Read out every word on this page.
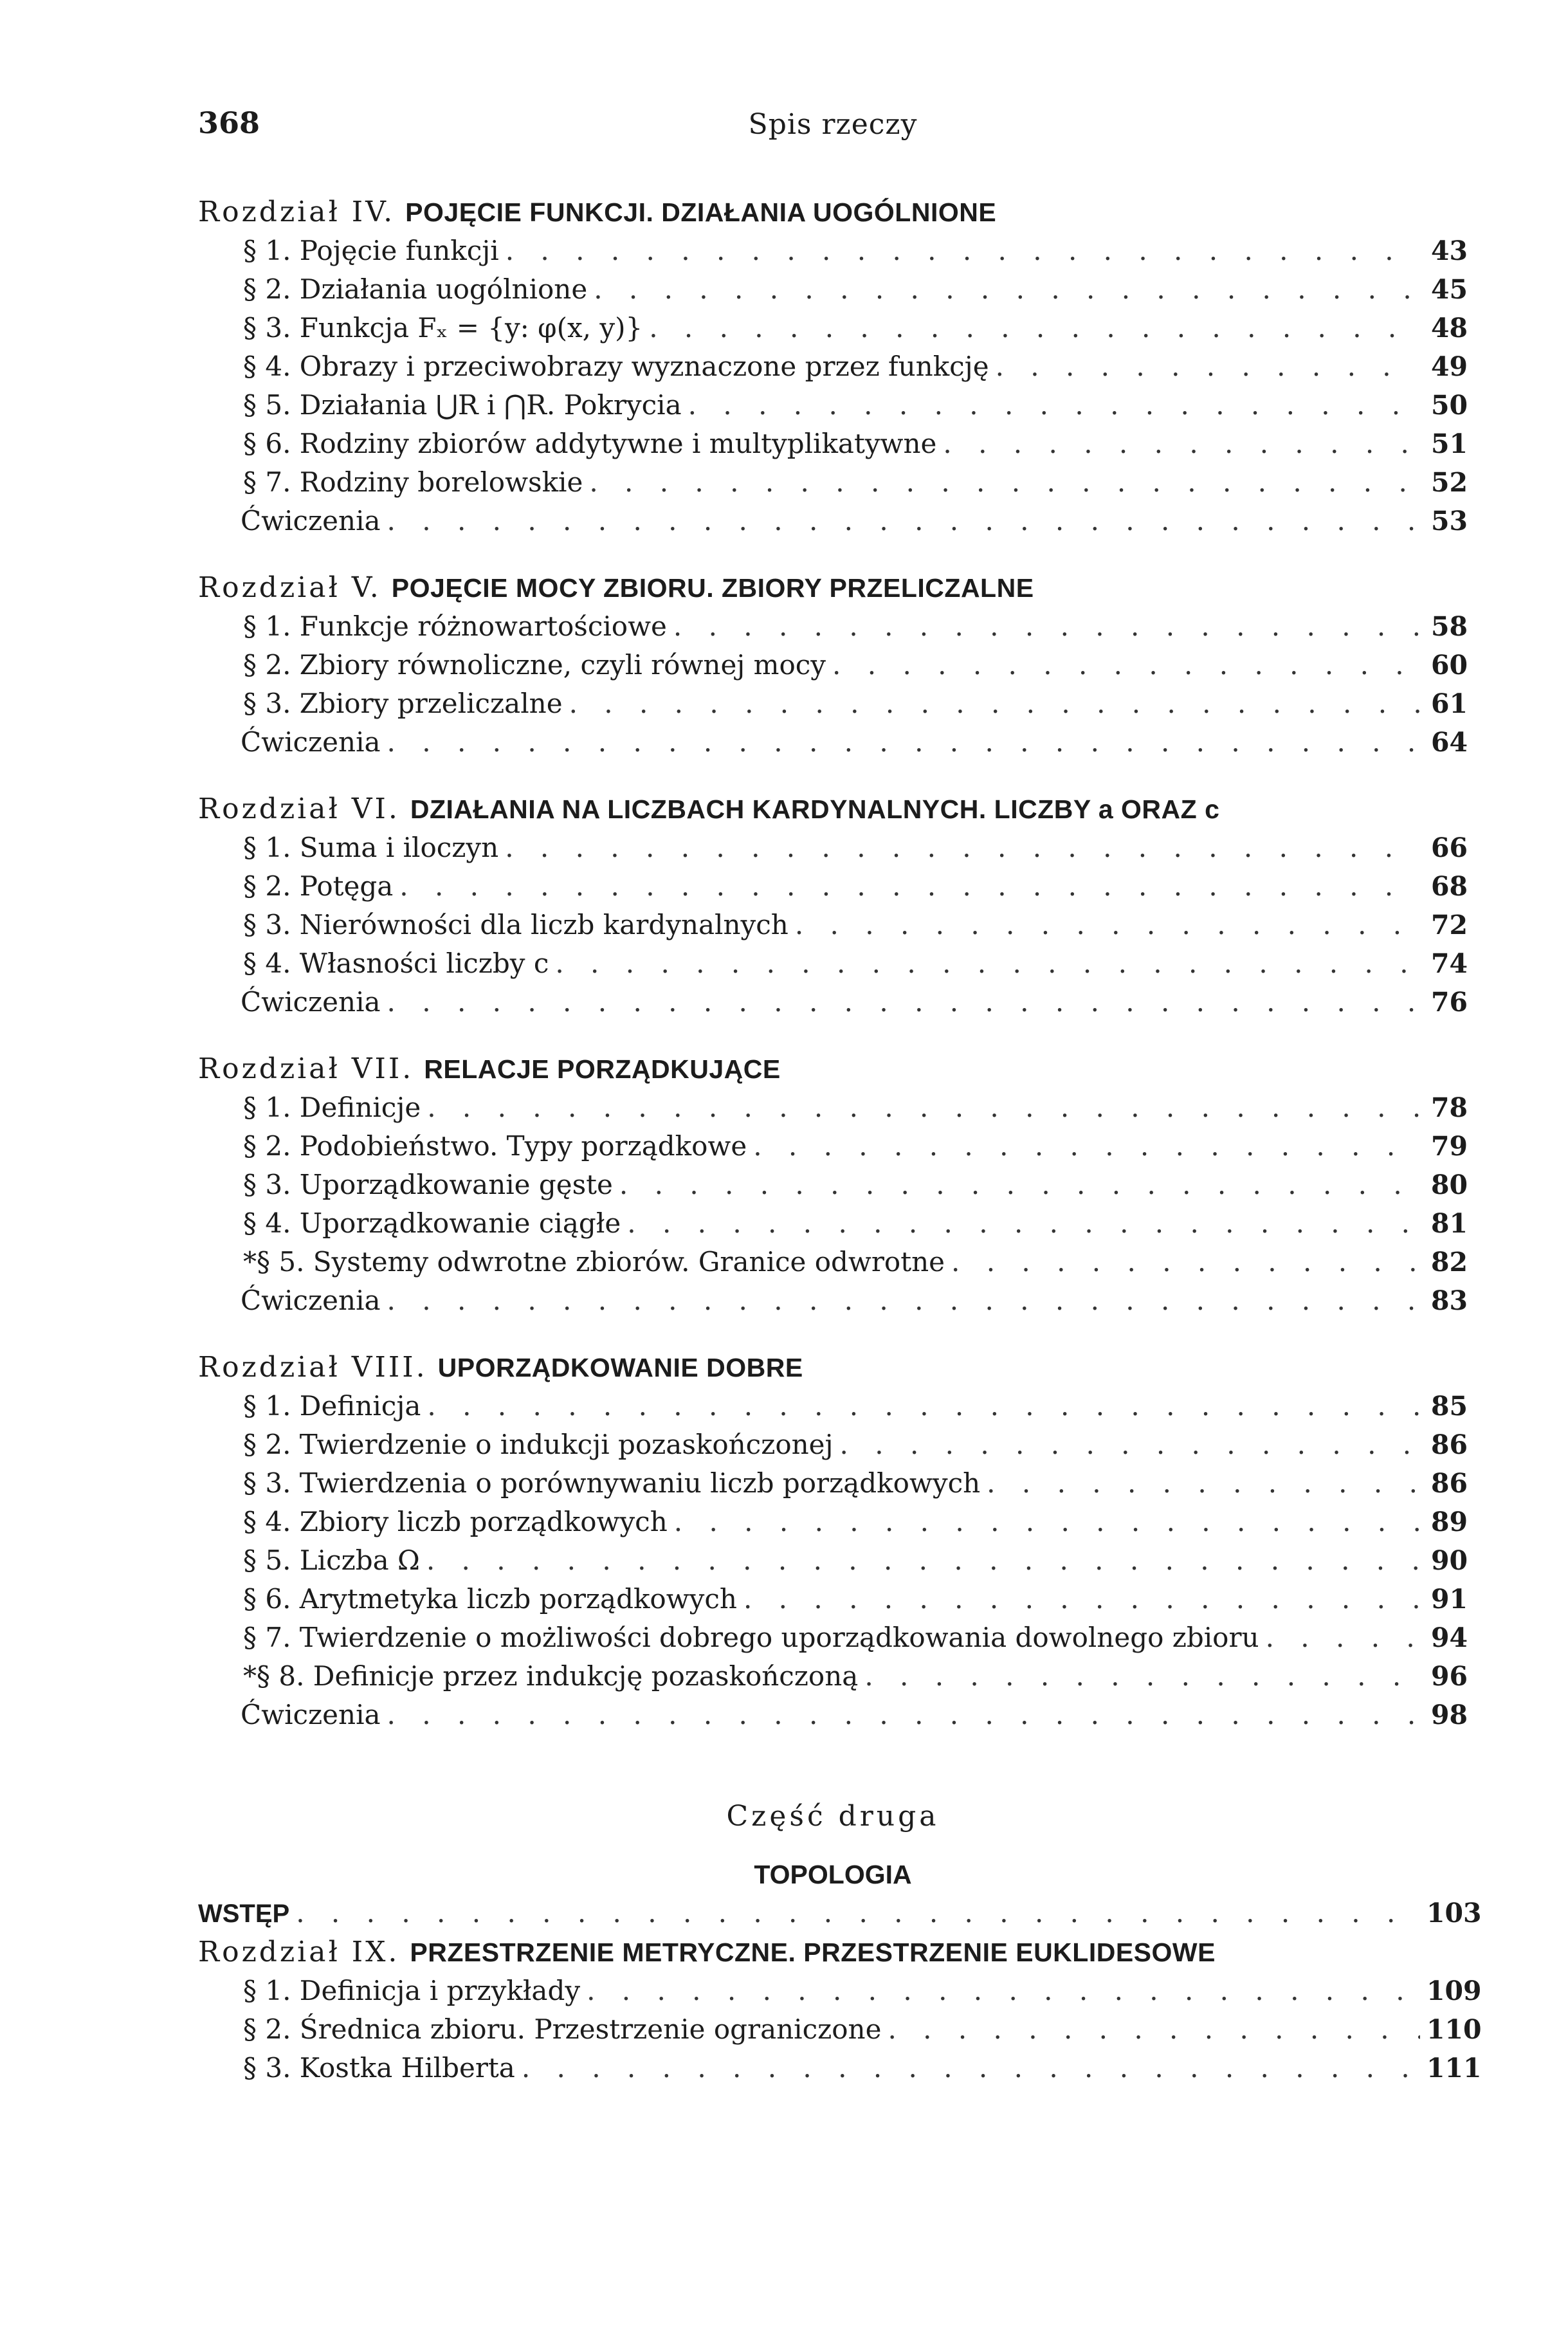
368	Spis rzeczy
Rozdział IV. POJĘCIE FUNKCJI. DZIAŁANIA UOGÓLNIONE
§ 1. Pojęcie funkcji . . .	43
§ 2. Działania uogólnione . . .	45
§ 3. Funkcja Fₓ = {y: φ(x, y)} . . .	48
§ 4. Obrazy i przeciwobrazy wyznaczone przez funkcję . . .	49
§ 5. Działania ⋃R i ⋂R. Pokrycia . . .	50
§ 6. Rodziny zbiorów addytywne i multyplikatywne . . .	51
§ 7. Rodziny borelowskie . . .	52
Ćwiczenia . . .	53
Rozdział V. POJĘCIE MOCY ZBIORU. ZBIORY PRZELICZALNE
§ 1. Funkcje różnowartościowe . . .	58
§ 2. Zbiory równoliczne, czyli równej mocy . . .	60
§ 3. Zbiory przeliczalne . . .	61
Ćwiczenia . . .	64
Rozdział VI. DZIAŁANIA NA LICZBACH KARDYNALNYCH. LICZBY a ORAZ c
§ 1. Suma i iloczyn . . .	66
§ 2. Potęga . . .	68
§ 3. Nierówności dla liczb kardynalnych . . .	72
§ 4. Własności liczby c . . .	74
Ćwiczenia . . .	76
Rozdział VII. RELACJE PORZĄDKUJĄCE
§ 1. Definicje . . .	78
§ 2. Podobieństwo. Typy porządkowe . . .	79
§ 3. Uporządkowanie gęste . . .	80
§ 4. Uporządkowanie ciągłe . . .	81
*§ 5. Systemy odwrotne zbiorów. Granice odwrotne . . .	82
Ćwiczenia . . .	83
Rozdział VIII. UPORZĄDKOWANIE DOBRE
§ 1. Definicja . . .	85
§ 2. Twierdzenie o indukcji pozaskończonej . . .	86
§ 3. Twierdzenia o porównywaniu liczb porządkowych . . .	86
§ 4. Zbiory liczb porządkowych . . .	89
§ 5. Liczba Ω . . .	90
§ 6. Arytmetyka liczb porządkowych . . .	91
§ 7. Twierdzenie o możliwości dobrego uporządkowania dowolnego zbioru . . .	94
*§ 8. Definicje przez indukcję pozaskończoną . . .	96
Ćwiczenia . . .	98
Część druga
TOPOLOGIA
WSTĘP . . .	103
Rozdział IX. PRZESTRZENIE METRYCZNE. PRZESTRZENIE EUKLIDESOWE
§ 1. Definicja i przykłady . . .	109
§ 2. Średnica zbioru. Przestrzenie ograniczone . . .	110
§ 3. Kostka Hilberta . . .	111
